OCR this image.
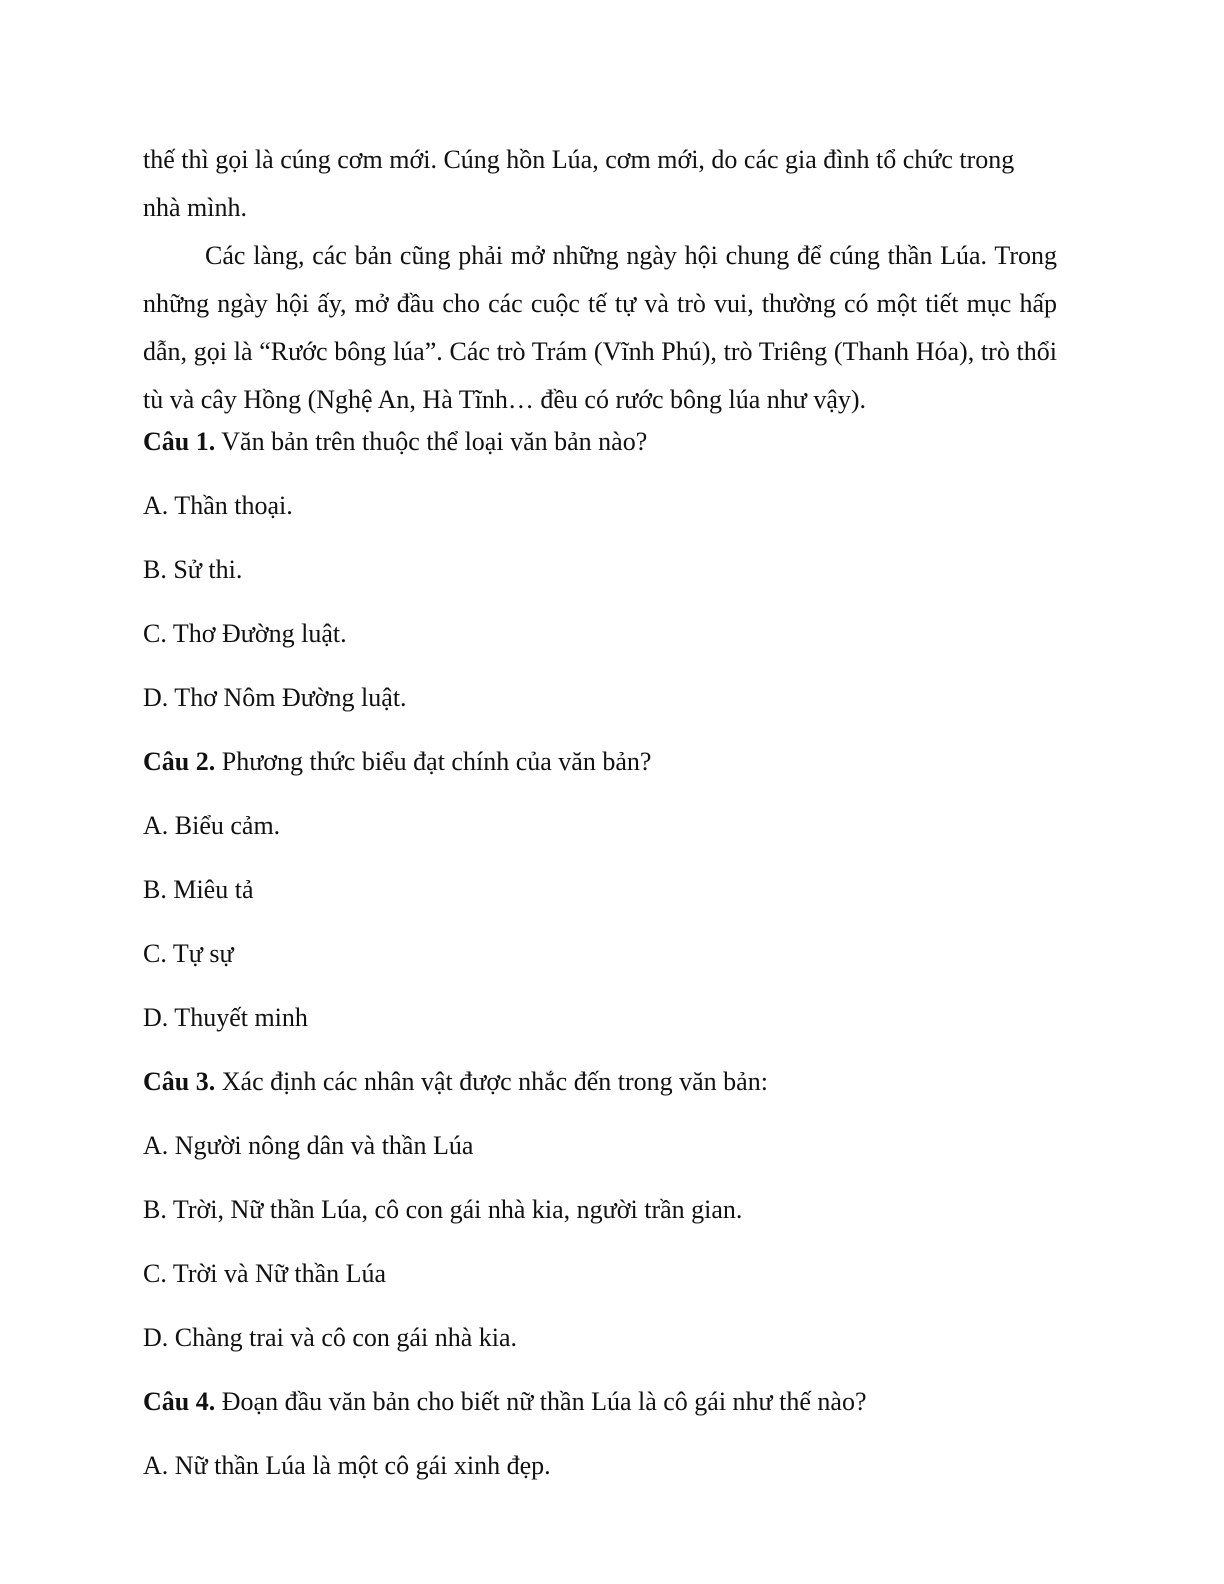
thế thì gọi là cúng cơm mới. Cúng hồn Lúa, cơm mới, do các gia đình tổ chức trong nhà mình.

Các làng, các bản cũng phải mở những ngày hội chung để cúng thần Lúa. Trong những ngày hội ấy, mở đầu cho các cuộc tế tự và trò vui, thường có một tiết mục hấp dẫn, gọi là “Rước bông lúa”. Các trò Trám (Vĩnh Phú), trò Triêng (Thanh Hóa), trò thổi tù và cây Hồng (Nghệ An, Hà Tĩnh… đều có rước bông lúa như vậy).

Câu 1. Văn bản trên thuộc thể loại văn bản nào?

A. Thần thoại.

B. Sử thi.

C. Thơ Đường luật.

D. Thơ Nôm Đường luật.

Câu 2. Phương thức biểu đạt chính của văn bản?

A. Biểu cảm.

B. Miêu tả

C. Tự sự

D. Thuyết minh

Câu 3. Xác định các nhân vật được nhắc đến trong văn bản:

A. Người nông dân và thần Lúa

B. Trời, Nữ thần Lúa, cô con gái nhà kia, người trần gian.

C. Trời và Nữ thần Lúa

D. Chàng trai và cô con gái nhà kia.

Câu 4. Đoạn đầu văn bản cho biết nữ thần Lúa là cô gái như thế nào?

A. Nữ thần Lúa là một cô gái xinh đẹp.
